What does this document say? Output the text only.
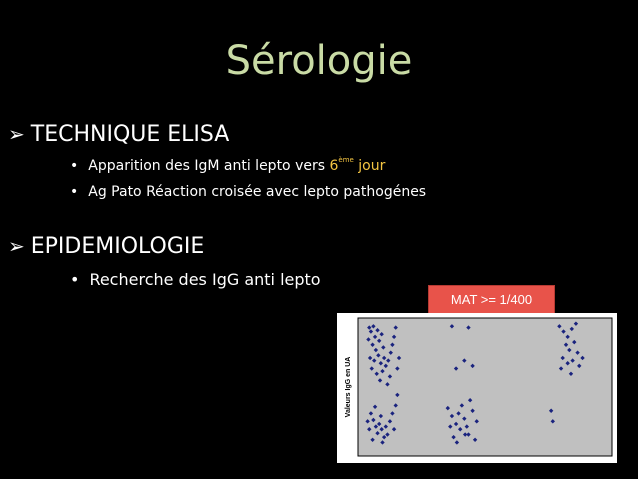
Sérologie
➢ TECHNIQUE ELISA
• Apparition des IgM anti lepto vers 6ème jour
• Ag Pato Réaction croisée avec lepto pathogénes
➢ EPIDEMIOLOGIE
• Recherche des IgG anti lepto
MAT >= 1/400
Valeurs IgG en UA
